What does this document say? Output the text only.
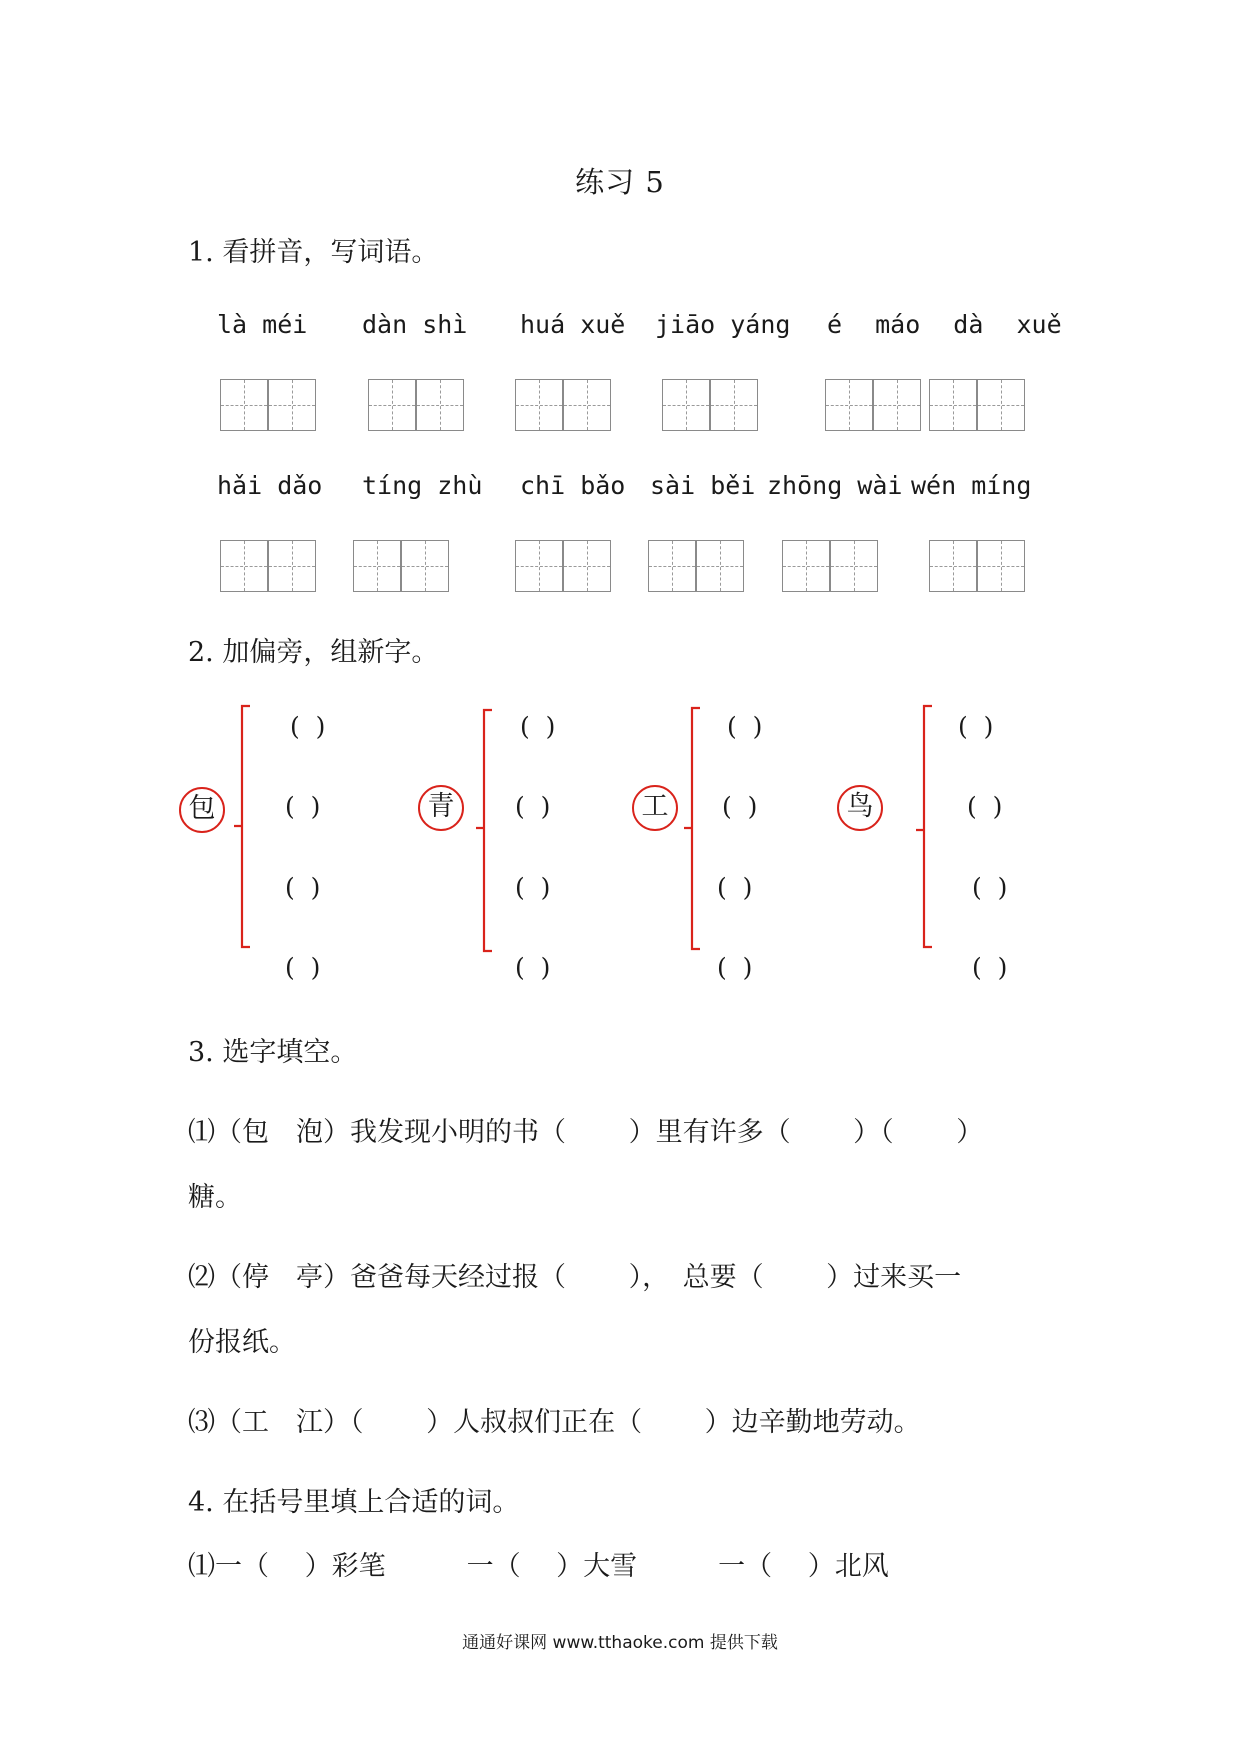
练习 5
1. 看拼音，写词语。
là méi dàn shì huá xuě jiāo yáng é máo dà xuě
hǎi dǎo tíng zhù chī bǎo sài běi zhōng wài wén míng
2. 加偏旁，组新字。
包
(  )
(  )
(  )
(  )
青
(  )
(  )
(  )
(  )
工
(  )
(  )
(  )
(  )
鸟
(  )
(  )
(  )
(  )
3. 选字填空。
⑴（包　泡）我发现小明的书（　　 ）里有许多（　　 ）（　　 ）
糖。
⑵（停　亭）爸爸每天经过报（　　 ），　总要（　　 ）过来买一
份报纸。
⑶（工　江）（　　 ）人叔叔们正在（　　 ）边辛勤地劳动。
4. 在括号里填上合适的词。
⑴一（　 ）彩笔　　　一（　 ）大雪　　　一（　 ）北风
通通好课网 www.tthaoke.com 提供下载
